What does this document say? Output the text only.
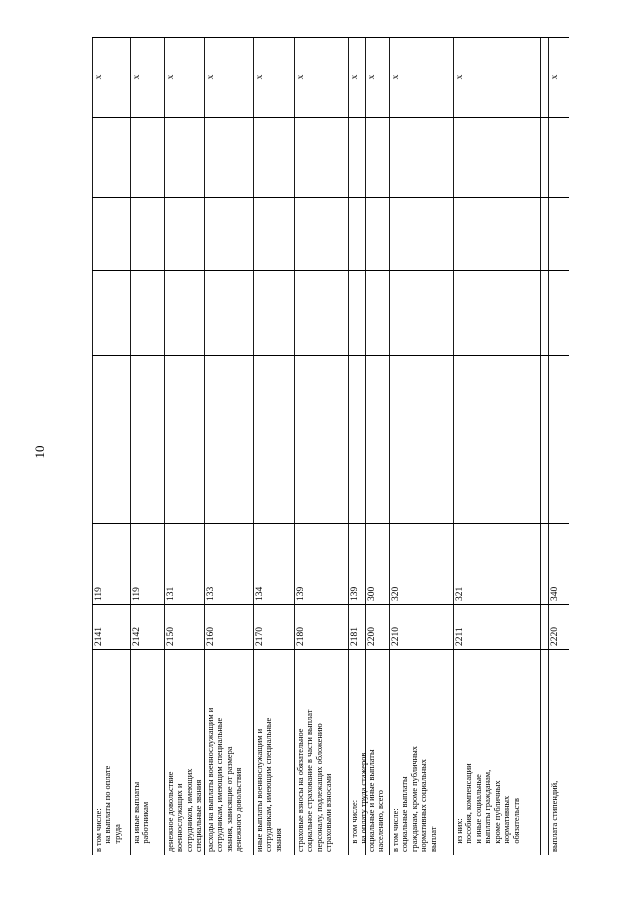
10
в том числе:
на выплаты по оплате
труда
2141
119
x
на иные выплаты
работникам
2142
119
x
денежное довольствие
военнослужащих и
сотрудников, имеющих
специальные звания
2150
131
x
расходы на выплаты военнослужащим и
сотрудникам, имеющим специальные
звания, зависящие от размера
денежного довольствия
2160
133
x
иные выплаты военнослужащим и
сотрудникам, имеющим специальные
звания
2170
134
x
страховые взносы на обязательное
социальное страхование в части выплат
персоналу, подлежащих обложению
страховыми взносами
2180
139
x
в том числе:
на оплату труда стажеров
2181
139
x
социальные и иные выплаты
населению, всего
2200
300
x
в том числе:
социальные выплаты
гражданам, кроме публичных
нормативных социальных
выплат
2210
320
x
из них:
пособия, компенсации
и иные социальные
выплаты гражданам,
кроме публичных
нормативных
обязательств
2211
321
x
выплата стипендий,
2220
340
x
